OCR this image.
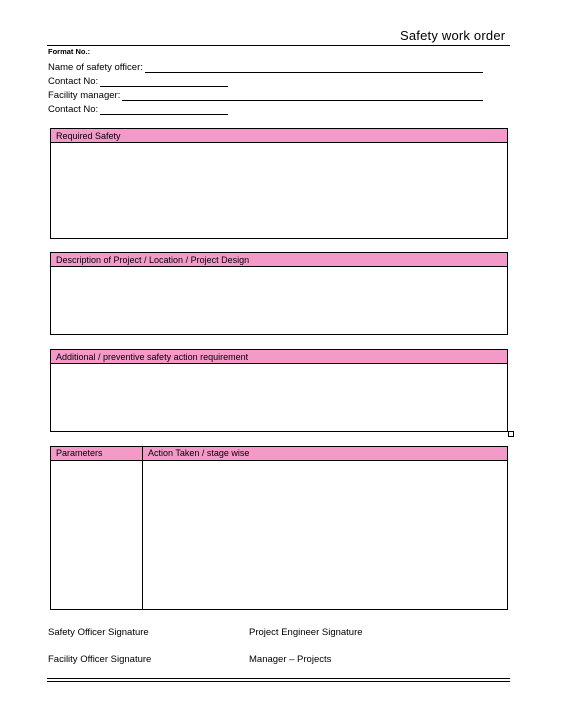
Safety work order
Format No.:
Name of safety officer:
Contact No:
Facility manager:
Contact No:
Required Safety
Description of Project / Location / Project Design
Additional / preventive safety action requirement
Parameters	Action Taken / stage wise
Safety Officer Signature	Project Engineer Signature
Facility Officer Signature	Manager – Projects
